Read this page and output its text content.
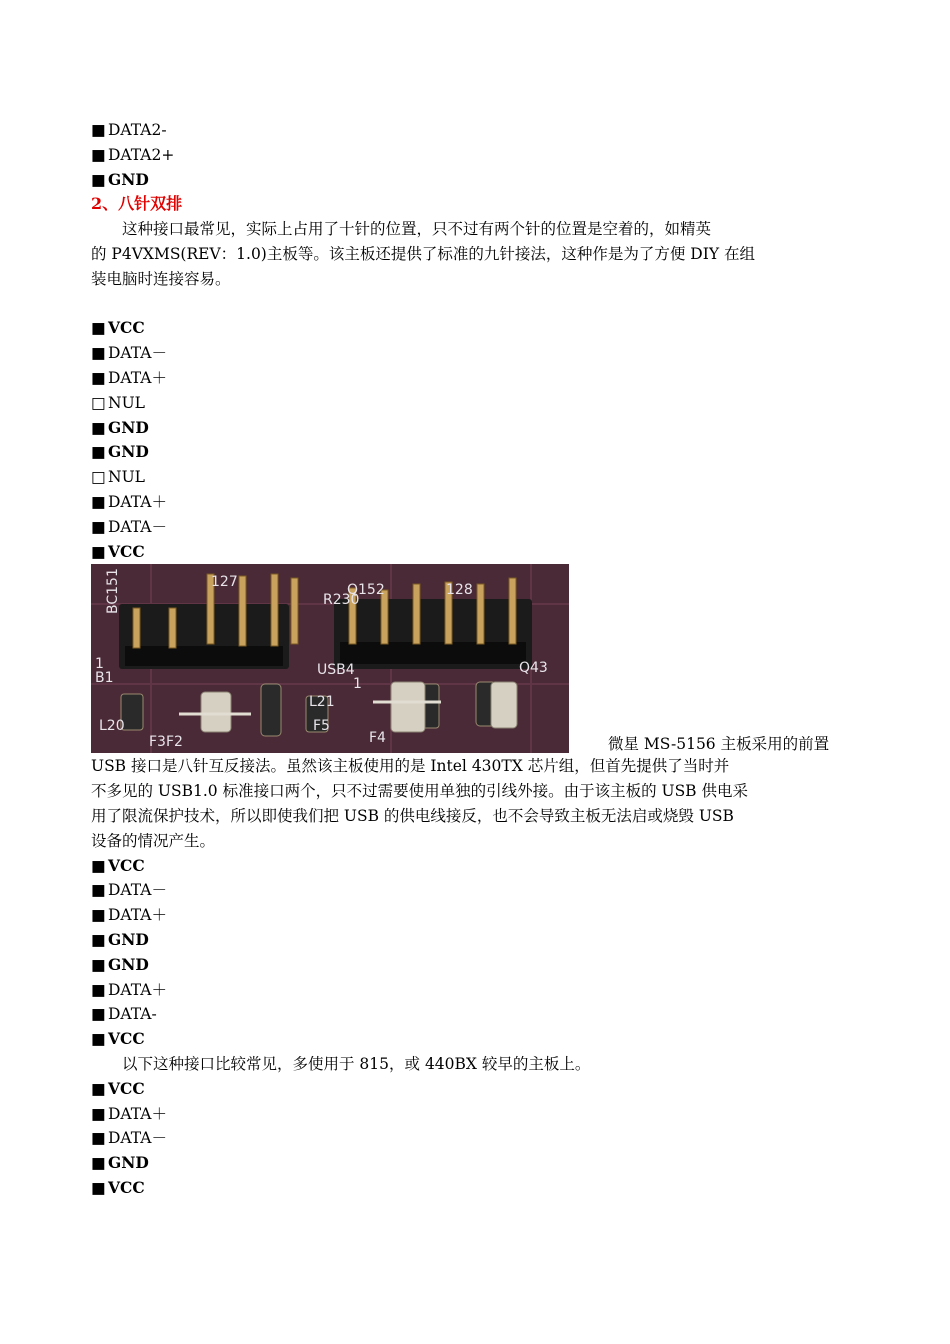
■ DATA2-
■ DATA2+
■ GND
2、八针双排
这种接口最常见，实际上占用了十针的位置，只不过有两个针的位置是空着的，如精英
的 P4VXMS(REV：1.0)主板等。该主板还提供了标准的九针接法，这种作是为了方便 DIY 在组
装电脑时连接容易。
■ VCC
■ DATA－
■ DATA＋
□ NUL
■ GND
■ GND
□ NUL
■ DATA＋
■ DATA－
■ VCC
BC151
B1
127
R230
Q152	128
USB4
L21
F5
F4
L20
F3F2
Q43
1
1
微星 MS-5156 主板采用的前置
USB 接口是八针互反接法。虽然该主板使用的是 Intel 430TX 芯片组，但首先提供了当时并
不多见的 USB1.0 标准接口两个，只不过需要使用单独的引线外接。由于该主板的 USB 供电采
用了限流保护技术，所以即使我们把 USB 的供电线接反，也不会导致主板无法启或烧毁 USB
设备的情况产生。
■ VCC
■ DATA－
■ DATA＋
■ GND
■ GND
■ DATA＋
■ DATA-
■ VCC
以下这种接口比较常见，多使用于 815，或 440BX 较早的主板上。
■ VCC
■ DATA＋
■ DATA－
■ GND
■ VCC
